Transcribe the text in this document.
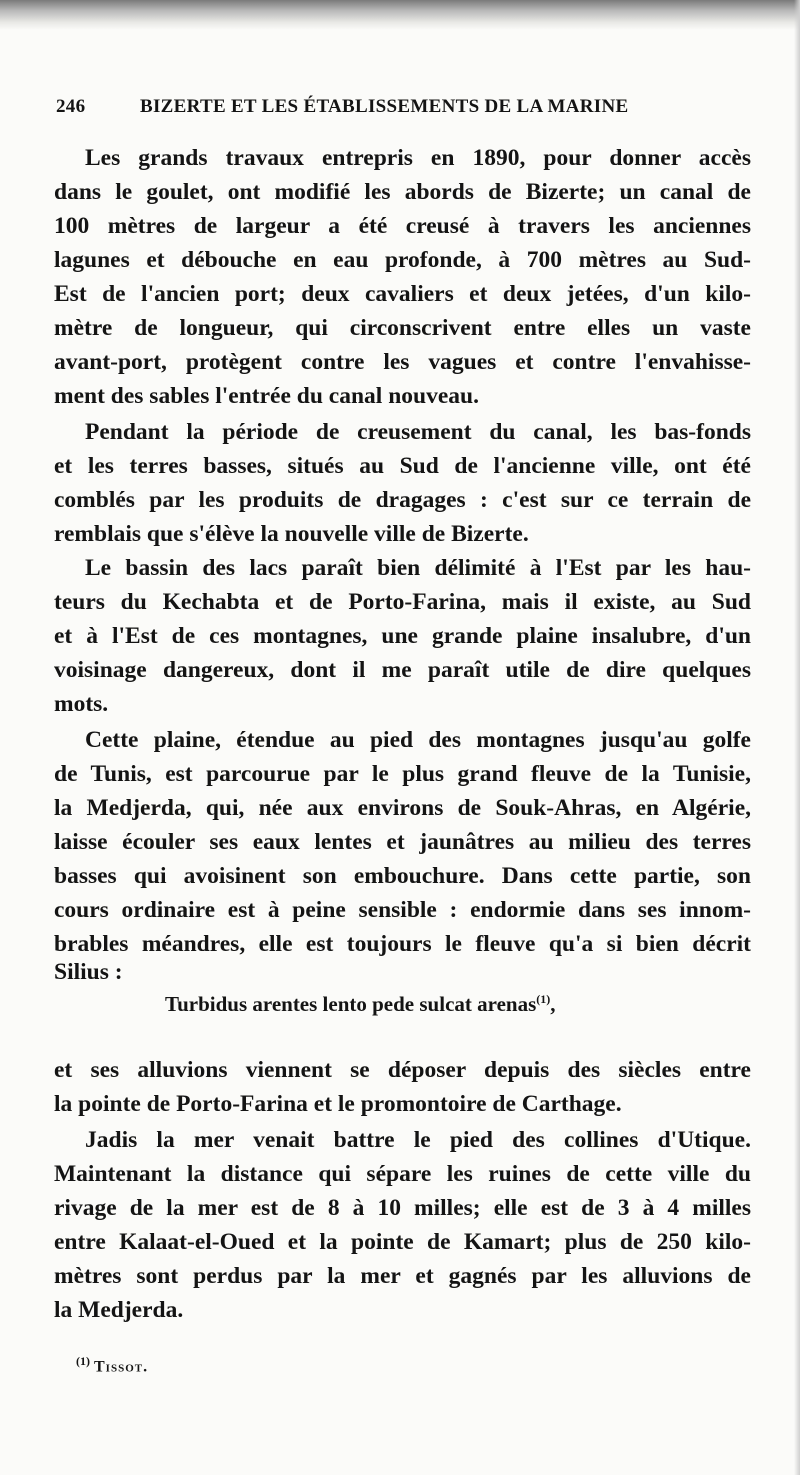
246	BIZERTE ET LES ÉTABLISSEMENTS DE LA MARINE
Les grands travaux entrepris en 1890, pour donner accès
dans le goulet, ont modifié les abords de Bizerte; un canal de
100 mètres de largeur a été creusé à travers les anciennes
lagunes et débouche en eau profonde, à 700 mètres au Sud-
Est de l'ancien port; deux cavaliers et deux jetées, d'un kilo-
mètre de longueur, qui circonscrivent entre elles un vaste
avant-port, protègent contre les vagues et contre l'envahisse-
ment des sables l'entrée du canal nouveau.
Pendant la période de creusement du canal, les bas-fonds
et les terres basses, situés au Sud de l'ancienne ville, ont été
comblés par les produits de dragages : c'est sur ce terrain de
remblais que s'élève la nouvelle ville de Bizerte.
Le bassin des lacs paraît bien délimité à l'Est par les hau-
teurs du Kechabta et de Porto-Farina, mais il existe, au Sud
et à l'Est de ces montagnes, une grande plaine insalubre, d'un
voisinage dangereux, dont il me paraît utile de dire quelques
mots.
Cette plaine, étendue au pied des montagnes jusqu'au golfe
de Tunis, est parcourue par le plus grand fleuve de la Tunisie,
la Medjerda, qui, née aux environs de Souk-Ahras, en Algérie,
laisse écouler ses eaux lentes et jaunâtres au milieu des terres
basses qui avoisinent son embouchure. Dans cette partie, son
cours ordinaire est à peine sensible : endormie dans ses innom-
brables méandres, elle est toujours le fleuve qu'a si bien décrit
Silius :
Turbidus arentes lento pede sulcat arenas$^{(1)}$,
et ses alluvions viennent se déposer depuis des siècles entre
la pointe de Porto-Farina et le promontoire de Carthage.
Jadis la mer venait battre le pied des collines d'Utique.
Maintenant la distance qui sépare les ruines de cette ville du
rivage de la mer est de 8 à 10 milles; elle est de 3 à 4 milles
entre Kalaat-el-Oued et la pointe de Kamart; plus de 250 kilo-
mètres sont perdus par la mer et gagnés par les alluvions de
la Medjerda.
$^{(1)}$ Tissot.
